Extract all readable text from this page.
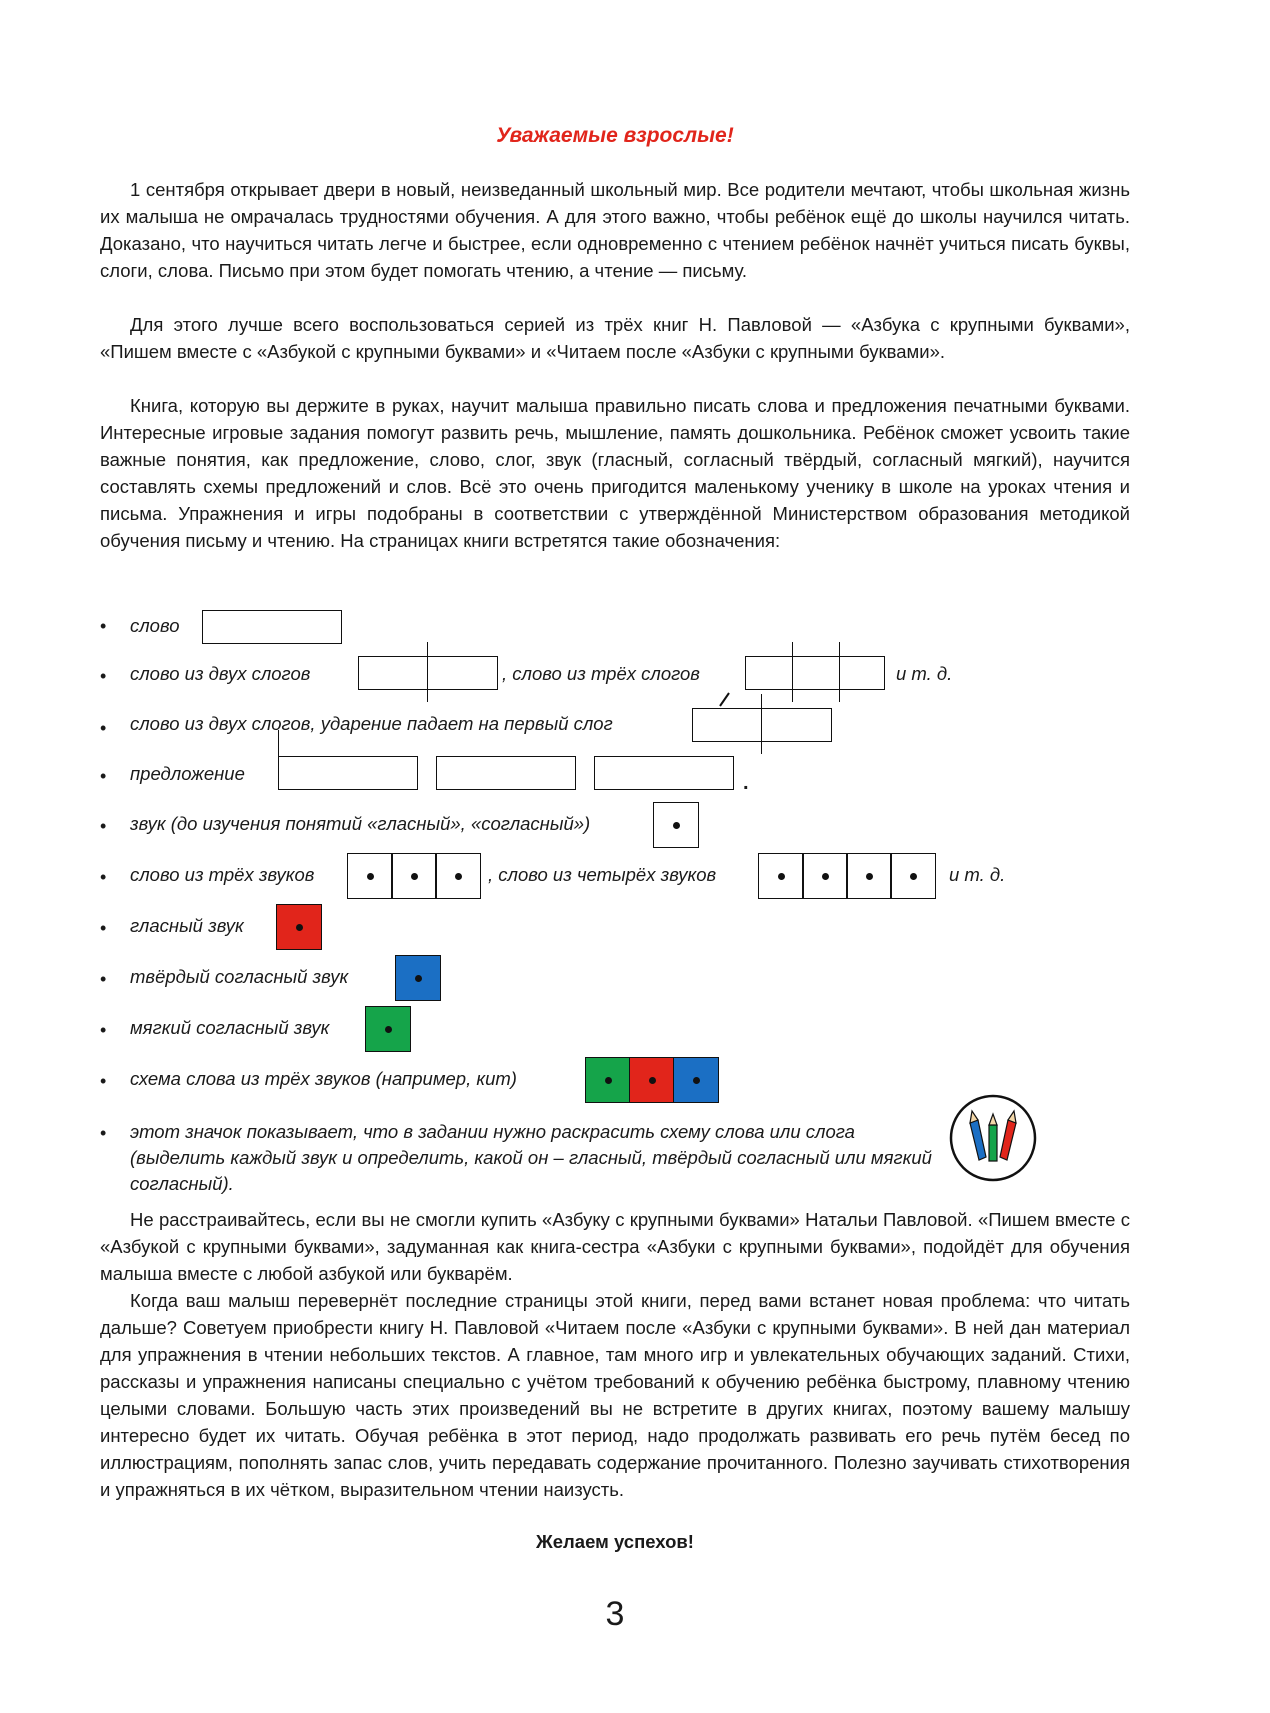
Уважаемые взрослые!

1 сентября открывает двери в новый, неизведанный школьный мир. Все родители мечтают, чтобы школьная жизнь их малыша не омрачалась трудностями обучения. А для этого важно, чтобы ребёнок ещё до школы научился читать. Доказано, что научиться читать легче и быстрее, если одновременно с чтением ребёнок начнёт учиться писать буквы, слоги, слова. Письмо при этом будет помогать чтению, а чтение — письму.

Для этого лучше всего воспользоваться серией из трёх книг Н. Павловой — «Азбука с крупными буквами», «Пишем вместе с «Азбукой с крупными буквами» и «Читаем после «Азбуки с крупными буквами».

Книга, которую вы держите в руках, научит малыша правильно писать слова и предложения печатными буквами. Интересные игровые задания помогут развить речь, мышление, память дошкольника. Ребёнок сможет усвоить такие важные понятия, как предложение, слово, слог, звук (гласный, согласный твёрдый, согласный мягкий), научится составлять схемы предложений и слов. Всё это очень пригодится маленькому ученику в школе на уроках чтения и письма. Упражнения и игры подобраны в соответствии с утверждённой Министерством образования методикой обучения письму и чтению. На страницах книги встретятся такие обозначения:

• слово
• слово из двух слогов	, слово из трёх слогов	и т. д.
• слово из двух слогов, ударение падает на первый слог
• предложение	.
• звук (до изучения понятий «гласный», «согласный»)
• слово из трёх звуков	, слово из четырёх звуков	и т. д.
• гласный звук
• твёрдый согласный звук
• мягкий согласный звук
• схема слова из трёх звуков (например, кит)
• этот значок показывает, что в задании нужно раскрасить схему слова или слога (выделить каждый звук и определить, какой он – гласный, твёрдый согласный или мягкий согласный).

Не расстраивайтесь, если вы не смогли купить «Азбуку с крупными буквами» Натальи Павловой. «Пишем вместе с «Азбукой с крупными буквами», задуманная как книга-сестра «Азбуки с крупными буквами», подойдёт для обучения малыша вместе с любой азбукой или букварём.

Когда ваш малыш перевернёт последние страницы этой книги, перед вами встанет новая проблема: что читать дальше? Советуем приобрести книгу Н. Павловой «Читаем после «Азбуки с крупными буквами». В ней дан материал для упражнения в чтении небольших текстов. А главное, там много игр и увлекательных обучающих заданий. Стихи, рассказы и упражнения написаны специально с учётом требований к обучению ребёнка быстрому, плавному чтению целыми словами. Большую часть этих произведений вы не встретите в других книгах, поэтому вашему малышу интересно будет их читать. Обучая ребёнка в этот период, надо продолжать развивать его речь путём бесед по иллюстрациям, пополнять запас слов, учить передавать содержание прочитанного. Полезно заучивать стихотворения и упражняться в их чётком, выразительном чтении наизусть.

Желаем успехов!
3
